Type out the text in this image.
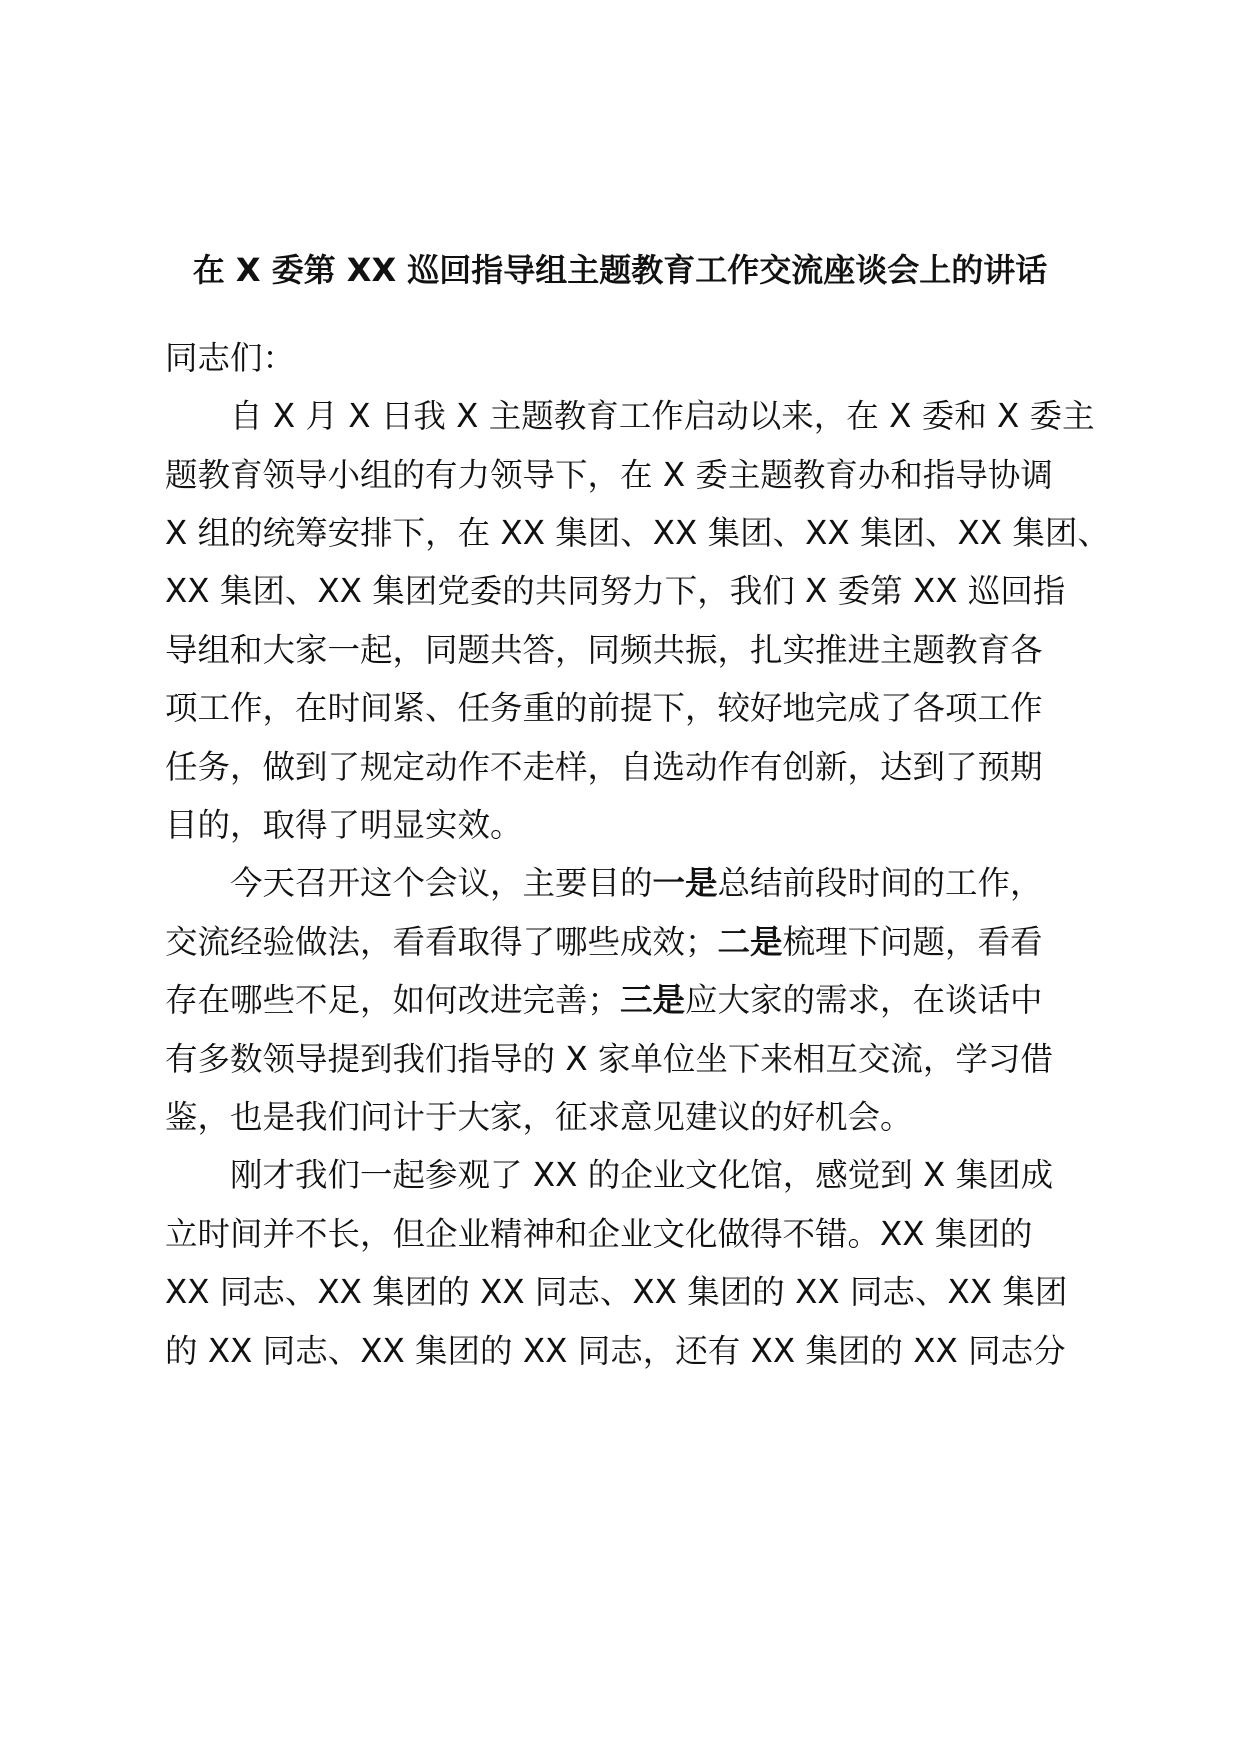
在 X 委第 XX 巡回指导组主题教育工作交流座谈会上的讲话

同志们：

自 X 月 X 日我 X 主题教育工作启动以来，在 X 委和 X 委主

题教育领导小组的有力领导下，在 X 委主题教育办和指导协调

X 组的统筹安排下，在 XX 集团、XX 集团、XX 集团、XX 集团、

XX 集团、XX 集团党委的共同努力下，我们 X 委第 XX 巡回指

导组和大家一起，同题共答，同频共振，扎实推进主题教育各

项工作，在时间紧、任务重的前提下，较好地完成了各项工作

任务，做到了规定动作不走样，自选动作有创新，达到了预期

目的，取得了明显实效。

今天召开这个会议，主要目的一是总结前段时间的工作，

交流经验做法，看看取得了哪些成效；二是梳理下问题，看看

存在哪些不足，如何改进完善；三是应大家的需求，在谈话中

有多数领导提到我们指导的 X 家单位坐下来相互交流，学习借

鉴，也是我们问计于大家，征求意见建议的好机会。

刚才我们一起参观了 XX 的企业文化馆，感觉到 X 集团成

立时间并不长，但企业精神和企业文化做得不错。XX 集团的

XX 同志、XX 集团的 XX 同志、XX 集团的 XX 同志、XX 集团

的 XX 同志、XX 集团的 XX 同志，还有 XX 集团的 XX 同志分
